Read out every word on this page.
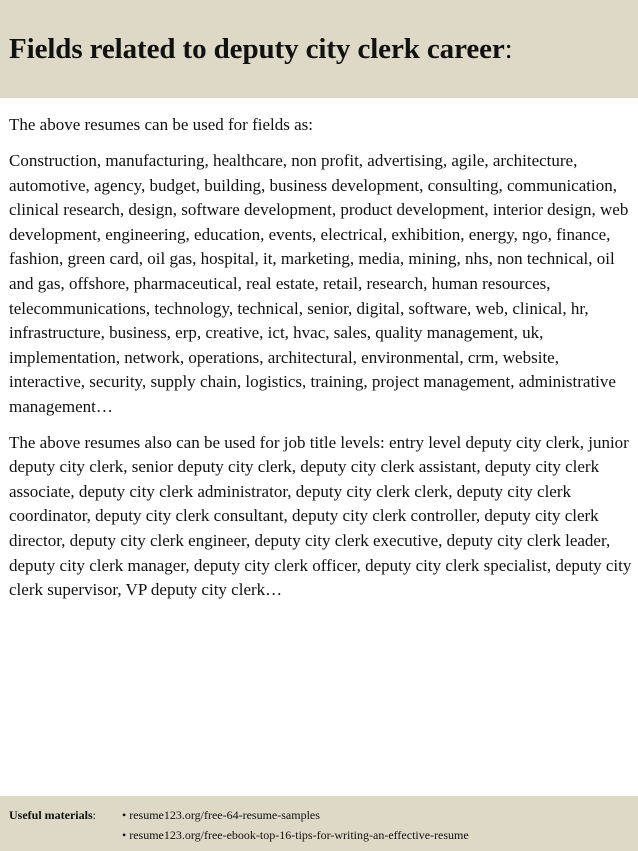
Fields related to deputy city clerk career:

The above resumes can be used for fields as:

Construction, manufacturing, healthcare, non profit, advertising, agile, architecture, automotive, agency, budget, building, business development, consulting, communication, clinical research, design, software development, product development, interior design, web development, engineering, education, events, electrical, exhibition, energy, ngo, finance, fashion, green card, oil gas, hospital, it, marketing, media, mining, nhs, non technical, oil and gas, offshore, pharmaceutical, real estate, retail, research, human resources, telecommunications, technology, technical, senior, digital, software, web, clinical, hr, infrastructure, business, erp, creative, ict, hvac, sales, quality management, uk, implementation, network, operations, architectural, environmental, crm, website, interactive, security, supply chain, logistics, training, project management, administrative management…

The above resumes also can be used for job title levels: entry level deputy city clerk, junior deputy city clerk, senior deputy city clerk, deputy city clerk assistant, deputy city clerk associate, deputy city clerk administrator, deputy city clerk clerk, deputy city clerk coordinator, deputy city clerk consultant, deputy city clerk controller, deputy city clerk director, deputy city clerk engineer, deputy city clerk executive, deputy city clerk leader, deputy city clerk manager, deputy city clerk officer, deputy city clerk specialist, deputy city clerk supervisor, VP deputy city clerk…

Useful materials:	• resume123.org/free-64-resume-samples
• resume123.org/free-ebook-top-16-tips-for-writing-an-effective-resume
